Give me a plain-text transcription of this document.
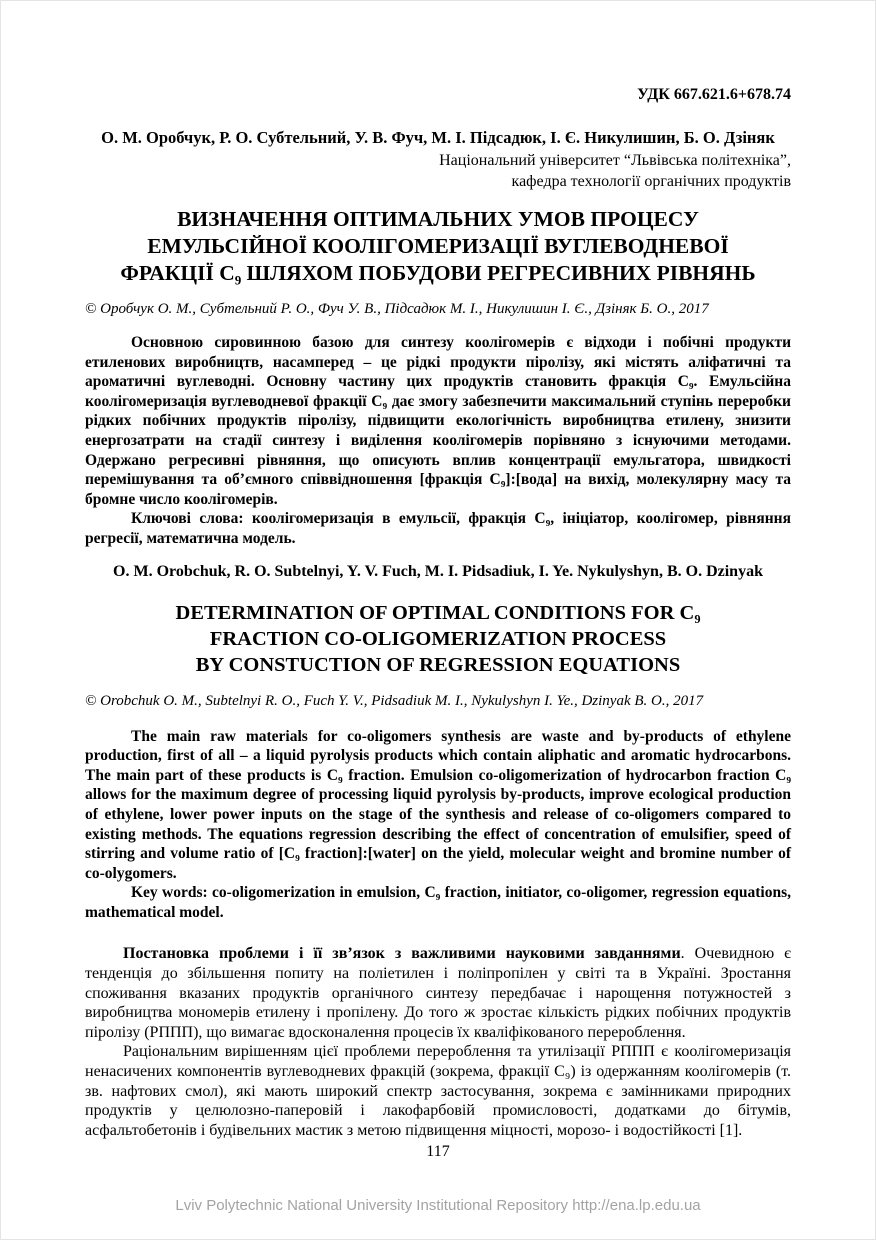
УДК 667.621.6+678.74
О. М. Оробчук, Р. О. Субтельний, У. В. Фуч, М. І. Підсадюк, І. Є. Никулишин, Б. О. Дзіняк
Національний університет “Львівська політехніка”,
кафедра технології органічних продуктів
ВИЗНАЧЕННЯ ОПТИМАЛЬНИХ УМОВ ПРОЦЕСУ
ЕМУЛЬСІЙНОЇ КООЛІГОМЕРИЗАЦІЇ ВУГЛЕВОДНЕВОЇ
ФРАКЦІЇ С₉ ШЛЯХОМ ПОБУДОВИ РЕГРЕСИВНИХ РІВНЯНЬ
© Оробчук О. М., Субтельний Р. О., Фуч У. В., Підсадюк М. І., Никулишин І. Є., Дзіняк Б. О., 2017

Основною сировинною базою для синтезу коолігомерів є відходи і побічні продукти етиленових виробництв, насамперед – це рідкі продукти піролізу, які містять аліфатичні та ароматичні вуглеводні. Основну частину цих продуктів становить фракція С₉. Емульсійна коолігомеризація вуглеводневої фракції С₉ дає змогу забезпечити максимальний ступінь переробки рідких побічних продуктів піролізу, підвищити екологічність виробництва етилену, знизити енергозатрати на стадії синтезу і виділення коолігомерів порівняно з існуючими методами. Одержано регресивні рівняння, що описують вплив концентрації емульгатора, швидкості перемішування та об’ємного співвідношення [фракція С₉]:[вода] на вихід, молекулярну масу та бромне число коолігомерів.

Ключові слова: коолігомеризація в емульсії, фракція С₉, ініціатор, коолігомер, рівняння регресії, математична модель.

O. M. Orobchuk, R. O. Subtelnyi, Y. V. Fuch, M. I. Pidsadiuk, I. Ye. Nykulyshyn, B. O. Dzinyak
DETERMINATION OF OPTIMAL CONDITIONS FOR C₉
FRACTION CO-OLIGOMERIZATION PROCESS
BY CONSTUCTION OF REGRESSION EQUATIONS
© Orobchuk O. M., Subtelnyi R. O., Fuch Y. V., Pidsadiuk M. I., Nykulyshyn I. Ye., Dzinyak B. O., 2017

The main raw materials for co-oligomers synthesis are waste and by-products of ethylene production, first of all – a liquid pyrolysis products which contain aliphatic and aromatic hydrocarbons. The main part of these products is C₉ fraction. Emulsion co-oligomerization of hydrocarbon fraction C₉ allows for the maximum degree of processing liquid pyrolysis by-products, improve ecological production of ethylene, lower power inputs on the stage of the synthesis and release of co-oligomers compared to existing methods. The equations regression describing the effect of concentration of emulsifier, speed of stirring and volume ratio of [C₉ fraction]:[water] on the yield, molecular weight and bromine number of co-olygomers.

Key words: co-oligomerization in emulsion, C₉ fraction, initiator, co-oligomer, regression equations, mathematical model.

Постановка проблеми і її зв’язок з важливими науковими завданнями. Очевидною є тенденція до збільшення попиту на поліетилен і поліпропілен у світі та в Україні. Зростання споживання вказаних продуктів органічного синтезу передбачає і нарощення потужностей з виробництва мономерів етилену і пропілену. До того ж зростає кількість рідких побічних продуктів піролізу (РППП), що вимагає вдосконалення процесів їх кваліфікованого перероблення.

Раціональним вирішенням цієї проблеми перероблення та утилізації РППП є коолігомеризація ненасичених компонентів вуглеводневих фракцій (зокрема, фракції С₉) із одержанням коолігомерів (т. зв. нафтових смол), які мають широкий спектр застосування, зокрема є замінниками природних продуктів у целюлозно-паперовій і лакофарбовій промисловості, додатками до бітумів, асфальтобетонів і будівельних мастик з метою підвищення міцності, морозо- і водостійкості [1].

117
Lviv Polytechnic National University Institutional Repository http://ena.lp.edu.ua
